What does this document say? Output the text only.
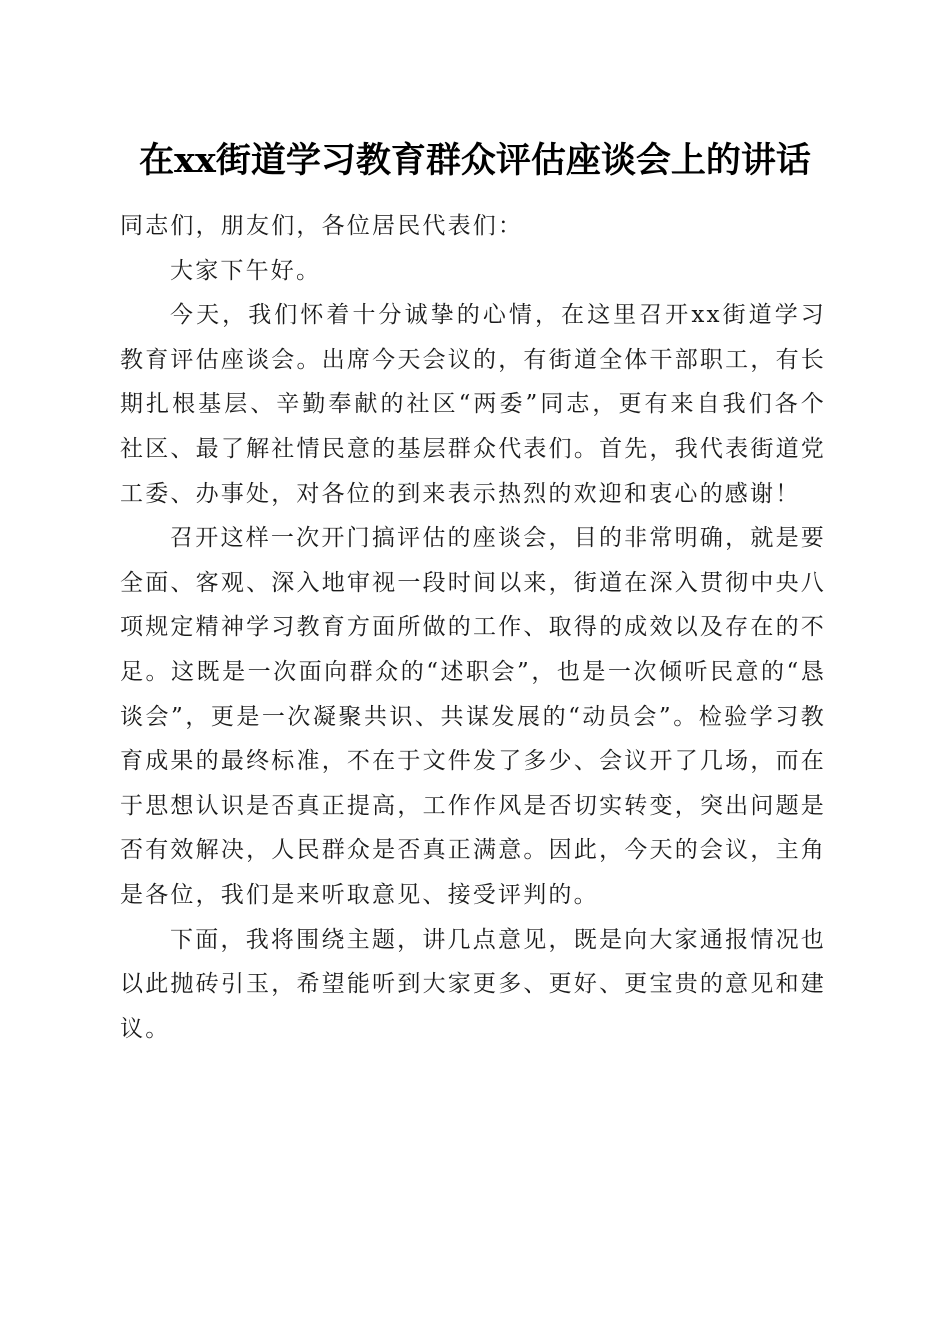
在xx街道学习教育群众评估座谈会上的讲话

同志们，朋友们，各位居民代表们：

大家下午好。

今天，我们怀着十分诚挚的心情，在这里召开xx街道学习教育评估座谈会。出席今天会议的，有街道全体干部职工，有长期扎根基层、辛勤奉献的社区“两委”同志，更有来自我们各个社区、最了解社情民意的基层群众代表们。首先，我代表街道党工委、办事处，对各位的到来表示热烈的欢迎和衷心的感谢！

召开这样一次开门搞评估的座谈会，目的非常明确，就是要全面、客观、深入地审视一段时间以来，街道在深入贯彻中央八项规定精神学习教育方面所做的工作、取得的成效以及存在的不足。这既是一次面向群众的“述职会”，也是一次倾听民意的“恳谈会”，更是一次凝聚共识、共谋发展的“动员会”。检验学习教育成果的最终标准，不在于文件发了多少、会议开了几场，而在于思想认识是否真正提高，工作作风是否切实转变，突出问题是否有效解决，人民群众是否真正满意。因此，今天的会议，主角是各位，我们是来听取意见、接受评判的。

下面，我将围绕主题，讲几点意见，既是向大家通报情况也以此抛砖引玉，希望能听到大家更多、更好、更宝贵的意见和建议。
